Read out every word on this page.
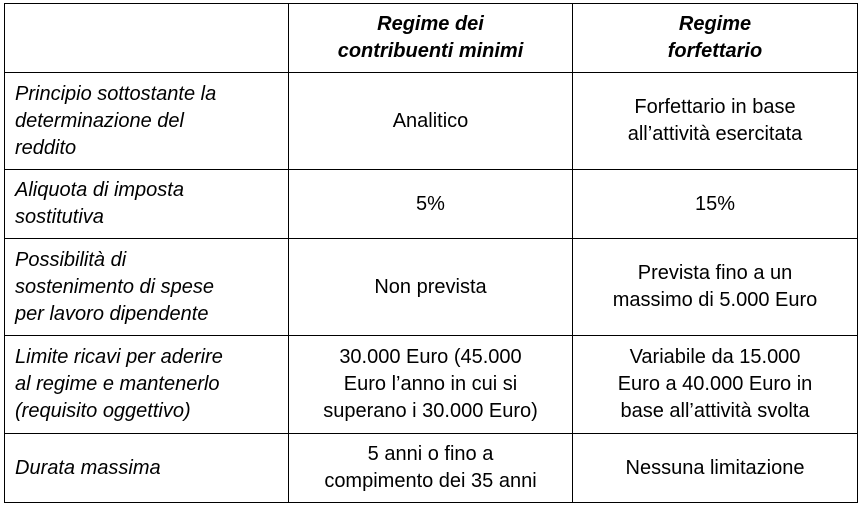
	Regime dei
contribuenti minimi	Regime
forfettario

Principio sottostante la
determinazione del
reddito	Analitico	Forfettario in base
all’attività esercitata

Aliquota di imposta
sostitutiva	5%	15%

Possibilità di
sostenimento di spese
per lavoro dipendente	Non prevista	Prevista fino a un
massimo di 5.000 Euro

Limite ricavi per aderire
al regime e mantenerlo
(requisito oggettivo)	30.000 Euro (45.000
Euro l’anno in cui si
superano i 30.000 Euro)	Variabile da 15.000
Euro a 40.000 Euro in
base all’attività svolta

Durata massima	5 anni o fino a
compimento dei 35 anni	Nessuna limitazione
